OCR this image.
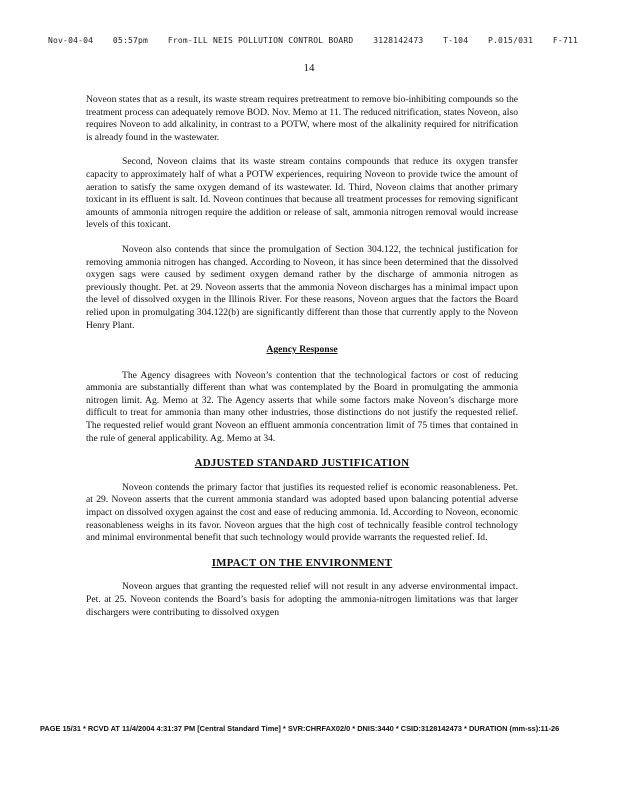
Nov-04-04 05:57pm From-ILL NEIS POLLUTION CONTROL BOARD 3128142473 T-104 P.015/031 F-711
14

Noveon states that as a result, its waste stream requires pretreatment to remove bio-inhibiting compounds so the treatment process can adequately remove BOD. Nov. Memo at 11. The reduced nitrification, states Noveon, also requires Noveon to add alkalinity, in contrast to a POTW, where most of the alkalinity required for nitrification is already found in the wastewater.

Second, Noveon claims that its waste stream contains compounds that reduce its oxygen transfer capacity to approximately half of what a POTW experiences, requiring Noveon to provide twice the amount of aeration to satisfy the same oxygen demand of its wastewater. Id. Third, Noveon claims that another primary toxicant in its effluent is salt. Id. Noveon continues that because all treatment processes for removing significant amounts of ammonia nitrogen require the addition or release of salt, ammonia nitrogen removal would increase levels of this toxicant.

Noveon also contends that since the promulgation of Section 304.122, the technical justification for removing ammonia nitrogen has changed. According to Noveon, it has since been determined that the dissolved oxygen sags were caused by sediment oxygen demand rather by the discharge of ammonia nitrogen as previously thought. Pet. at 29. Noveon asserts that the ammonia Noveon discharges has a minimal impact upon the level of dissolved oxygen in the Illinois River. For these reasons, Noveon argues that the factors the Board relied upon in promulgating 304.122(b) are significantly different than those that currently apply to the Noveon Henry Plant.

Agency Response

The Agency disagrees with Noveon’s contention that the technological factors or cost of reducing ammonia are substantially different than what was contemplated by the Board in promulgating the ammonia nitrogen limit. Ag. Memo at 32. The Agency asserts that while some factors make Noveon’s discharge more difficult to treat for ammonia than many other industries, those distinctions do not justify the requested relief. The requested relief would grant Noveon an effluent ammonia concentration limit of 75 times that contained in the rule of general applicability. Ag. Memo at 34.

ADJUSTED STANDARD JUSTIFICATION

Noveon contends the primary factor that justifies its requested relief is economic reasonableness. Pet. at 29. Noveon asserts that the current ammonia standard was adopted based upon balancing potential adverse impact on dissolved oxygen against the cost and ease of reducing ammonia. Id. According to Noveon, economic reasonableness weighs in its favor. Noveon argues that the high cost of technically feasible control technology and minimal environmental benefit that such technology would provide warrants the requested relief. Id.

IMPACT ON THE ENVIRONMENT

Noveon argues that granting the requested relief will not result in any adverse environmental impact. Pet. at 25. Noveon contends the Board’s basis for adopting the ammonia-nitrogen limitations was that larger dischargers were contributing to dissolved oxygen

PAGE 15/31 * RCVD AT 11/4/2004 4:31:37 PM [Central Standard Time] * SVR:CHRFAX02/0 * DNIS:3440 * CSID:3128142473 * DURATION (mm-ss):11-26
